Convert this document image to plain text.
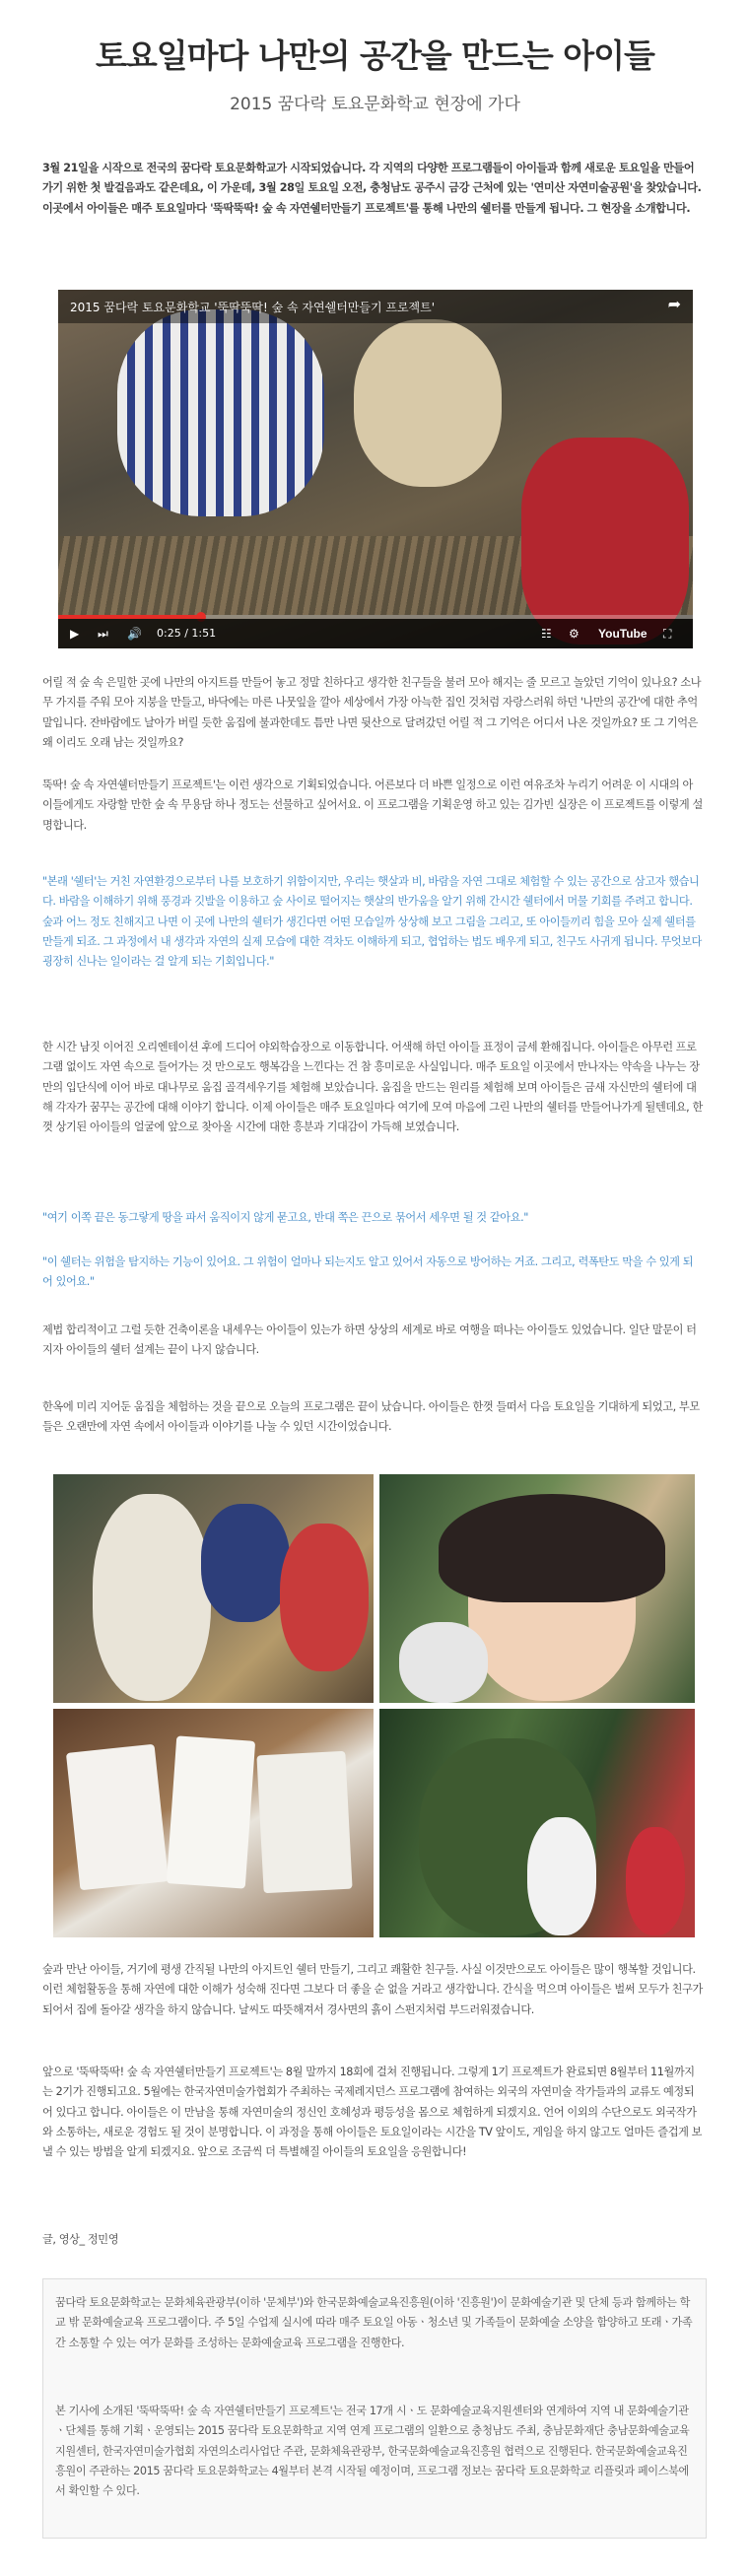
토요일마다 나만의 공간을 만드는 아이들
2015 꿈다락 토요문화학교 현장에 가다

3월 21일을 시작으로 전국의 꿈다락 토요문화학교가 시작되었습니다. 각 지역의 다양한 프로그램들이 아이들과 함께 새로운 토요일을 만들어 가기 위한 첫 발걸음과도 같은데요, 이 가운데, 3월 28일 토요일 오전, 충청남도 공주시 금강 근처에 있는 '연미산 자연미술공원'을 찾았습니다. 이곳에서 아이들은 매주 토요일마다 '뚝딱뚝딱! 숲 속 자연쉘터만들기 프로젝트'를 통해 나만의 쉘터를 만들게 됩니다. 그 현장을 소개합니다.

2015 꿈다락 토요문화학교 '뚝딱뚝딱! 숲 속 자연쉘터만들기 프로젝트'	➦
▶ ⏭ 🔊 0:25 / 1:51	☷ ⚙ YouTube ⛶

어릴 적 숲 속 은밀한 곳에 나만의 아지트를 만들어 놓고 정말 친하다고 생각한 친구들을 불러 모아 해지는 줄 모르고 놀았던 기억이 있나요? 소나무 가지를 주워 모아 지붕을 만들고, 바닥에는 마른 나뭇잎을 깔아 세상에서 가장 아늑한 집인 것처럼 자랑스러워 하던 '나만의 공간'에 대한 추억 말입니다. 잔바람에도 날아가 버릴 듯한 움집에 불과한데도 틈만 나면 뒷산으로 달려갔던 어릴 적 그 기억은 어디서 나온 것일까요? 또 그 기억은 왜 이리도 오래 남는 것일까요?

뚝딱! 숲 속 자연쉘터만들기 프로젝트'는 이런 생각으로 기획되었습니다. 어른보다 더 바쁜 일정으로 이런 여유조차 누리기 어려운 이 시대의 아이들에게도 자랑할 만한 숲 속 무용담 하나 정도는 선물하고 싶어서요. 이 프로그램을 기획운영 하고 있는 김가빈 실장은 이 프로젝트를 이렇게 설명합니다.

"본래 '쉘터'는 거친 자연환경으로부터 나를 보호하기 위함이지만, 우리는 햇살과 비, 바람을 자연 그대로 체험할 수 있는 공간으로 삼고자 했습니다. 바람을 이해하기 위해 풍경과 깃발을 이용하고 숲 사이로 떨어지는 햇살의 반가움을 알기 위해 간시간 쉘터에서 머물 기회를 주려고 합니다. 숲과 어느 정도 친해지고 나면 이 곳에 나만의 쉘터가 생긴다면 어떤 모습일까 상상해 보고 그림을 그리고, 또 아이들끼리 힘을 모아 실제 쉘터를 만들게 되죠. 그 과정에서 내 생각과 자연의 실제 모습에 대한 격차도 이해하게 되고, 협업하는 법도 배우게 되고, 친구도 사귀게 됩니다. 무엇보다 굉장히 신나는 일이라는 걸 알게 되는 기회입니다."

한 시간 남짓 이어진 오리엔테이션 후에 드디어 야외학습장으로 이동합니다. 어색해 하던 아이들 표정이 금세 환해집니다. 아이들은 아무런 프로그램 없이도 자연 속으로 들어가는 것 만으로도 행복감을 느낀다는 건 참 흥미로운 사실입니다. 매주 토요일 이곳에서 만나자는 약속을 나누는 장만의 입단식에 이어 바로 대나무로 움집 골격세우기를 체험해 보았습니다. 움집을 만드는 원리를 체험해 보며 아이들은 금새 자신만의 쉘터에 대해 각자가 꿈꾸는 공간에 대해 이야기 합니다. 이제 아이들은 매주 토요일마다 여기에 모여 마음에 그린 나만의 쉘터를 만들어나가게 될텐데요, 한껏 상기된 아이들의 얼굴에 앞으로 찾아올 시간에 대한 흥분과 기대감이 가득해 보였습니다.

"여기 이쪽 끝은 동그랗게 땅을 파서 움직이지 않게 묻고요, 반대 쪽은 끈으로 묶어서 세우면 될 것 같아요."

"이 쉘터는 위험을 탐지하는 기능이 있어요. 그 위험이 얼마나 되는지도 알고 있어서 자동으로 방어하는 거죠. 그리고, 력폭탄도 막을 수 있게 되어 있어요."

제법 합리적이고 그럴 듯한 건축이론을 내세우는 아이들이 있는가 하면 상상의 세계로 바로 여행을 떠나는 아이들도 있었습니다. 일단 말문이 터지자 아이들의 쉘터 설계는 끝이 나지 않습니다.

한옥에 미리 지어둔 움집을 체험하는 것을 끝으로 오늘의 프로그램은 끝이 났습니다. 아이들은 한껏 들떠서 다음 토요일을 기대하게 되었고, 부모들은 오랜만에 자연 속에서 아이들과 이야기를 나눌 수 있던 시간이었습니다.

숲과 만난 아이들, 거기에 평생 간직될 나만의 아지트인 쉘터 만들기, 그리고 쾌활한 친구들. 사실 이것만으로도 아이들은 많이 행복할 것입니다. 이런 체험활동을 통해 자연에 대한 이해가 성숙해 진다면 그보다 더 좋을 순 없을 거라고 생각합니다. 간식을 먹으며 아이들은 벌써 모두가 친구가 되어서 집에 돌아갈 생각을 하지 않습니다. 날씨도 따뜻해져서 경사면의 흙이 스펀지처럼 부드러워졌습니다.

앞으로 '뚝딱뚝딱! 숲 속 자연쉘터만들기 프로젝트'는 8월 말까지 18회에 걸쳐 진행됩니다. 그렇게 1기 프로젝트가 완료되면 8월부터 11월까지는 2기가 진행되고요. 5월에는 한국자연미술가협회가 주최하는 국제레지던스 프로그램에 참여하는 외국의 자연미술 작가들과의 교류도 예정되어 있다고 합니다. 아이들은 이 만남을 통해 자연미술의 정신인 호혜성과 평등성을 몸으로 체험하게 되겠지요. 언어 이외의 수단으로도 외국작가와 소통하는, 새로운 경험도 될 것이 분명합니다. 이 과정을 통해 아이들은 토요일이라는 시간을 TV 앞이도, 게임을 하지 않고도 얼마든 즐겁게 보낼 수 있는 방법을 알게 되겠지요. 앞으로 조금씩 더 특별해질 아이들의 토요일을 응원합니다!

글, 영상_ 정민영

꿈다락 토요문화학교는 문화체육관광부(이하 '문체부')와 한국문화예술교육진흥원(이하 '진흥원')이 문화예술기관 및 단체 등과 함께하는 학교 밖 문화예술교육 프로그램이다. 주 5일 수업제 실시에 따라 매주 토요일 아동ㆍ청소년 및 가족들이 문화예술 소양을 함양하고 또래ㆍ가족 간 소통할 수 있는 여가 문화를 조성하는 문화예술교육 프로그램을 진행한다.

본 기사에 소개된 '뚝딱뚝딱! 숲 속 자연쉘터만들기 프로젝트'는 전국 17개 시ㆍ도 문화예술교육지원센터와 연계하여 지역 내 문화예술기관ㆍ단체를 통해 기획ㆍ운영되는 2015 꿈다락 토요문화학교 지역 연계 프로그램의 일환으로 충청남도 주최, 충남문화재단 충남문화예술교육지원센터, 한국자연미술가협회 자연의소리사업단 주관, 문화체육관광부, 한국문화예술교육진흥원 협력으로 진행된다. 한국문화예술교육진흥원이 주관하는 2015 꿈다락 토요문화학교는 4월부터 본격 시작될 예정이며, 프로그램 정보는 꿈다락 토요문화학교 리플릿과 페이스북에서 확인할 수 있다.
